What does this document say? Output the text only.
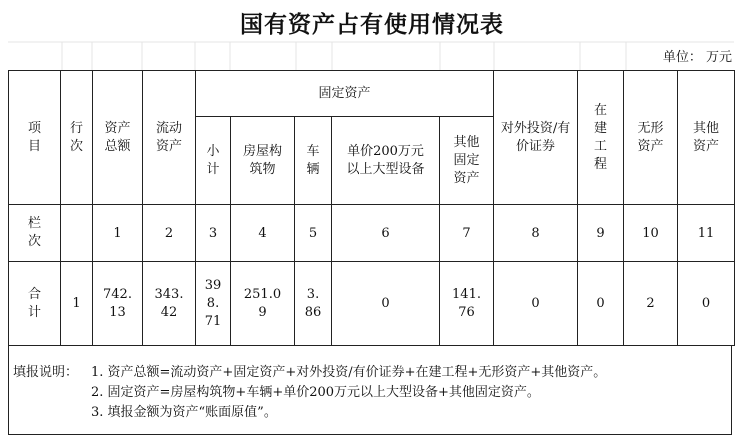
国有资产占有使用情况表
单位： 万元
项目	行次	资产总额	流动资产	固定资产					对外投资/有价证券	在建工程	无形资产	其他资产
				小计	房屋构筑物	车辆	单价200万元以上大型设备	其他固定资产				
栏次		1	2	3	4	5	6	7	8	9	10	11
合计	1	742.13	343.42	398.71	251.09	3.86	0	141.76	0	0	2	0
填报说明： 1. 资产总额=流动资产+固定资产+对外投资/有价证券+在建工程+无形资产+其他资产。
2. 固定资产=房屋构筑物+车辆+单价200万元以上大型设备+其他固定资产。
3. 填报金额为资产“账面原值”。
